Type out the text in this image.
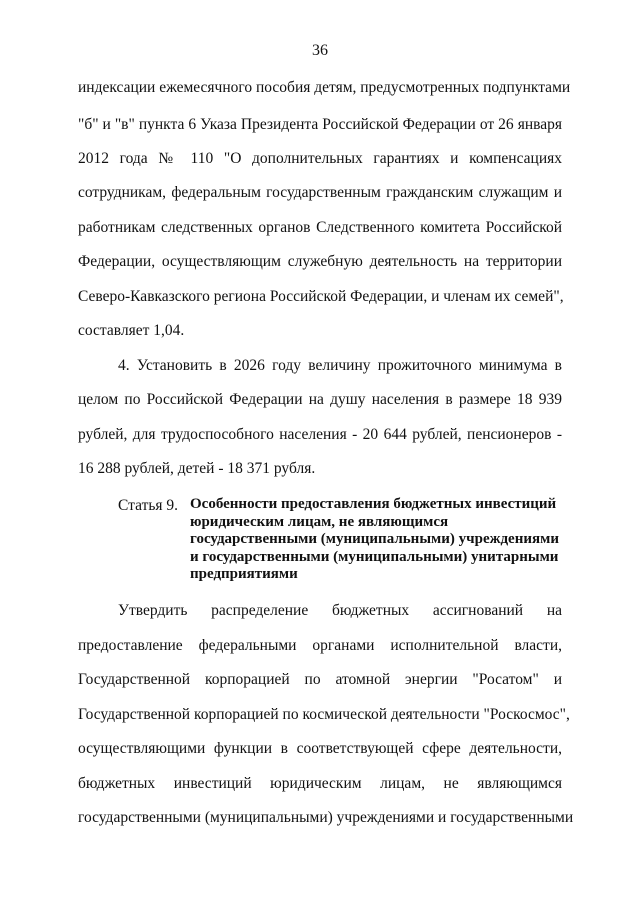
36
индексации ежемесячного пособия детям, предусмотренных подпунктами
"б" и "в" пункта 6 Указа Президента Российской Федерации от 26 января
2012 года № 110 "О дополнительных гарантиях и компенсациях
сотрудникам, федеральным государственным гражданским служащим и
работникам следственных органов Следственного комитета Российской
Федерации, осуществляющим служебную деятельность на территории
Северо-Кавказского региона Российской Федерации, и членам их семей",
составляет 1,04.
4. Установить в 2026 году величину прожиточного минимума в
целом по Российской Федерации на душу населения в размере 18 939
рублей, для трудоспособного населения - 20 644 рублей, пенсионеров -
16 288 рублей, детей - 18 371 рубля.
Статья 9. Особенности предоставления бюджетных инвестиций юридическим лицам, не являющимся государственными (муниципальными) учреждениями и государственными (муниципальными) унитарными предприятиями
Утвердить распределение бюджетных ассигнований на
предоставление федеральными органами исполнительной власти,
Государственной корпорацией по атомной энергии "Росатом" и
Государственной корпорацией по космической деятельности "Роскосмос",
осуществляющими функции в соответствующей сфере деятельности,
бюджетных инвестиций юридическим лицам, не являющимся
государственными (муниципальными) учреждениями и государственными
